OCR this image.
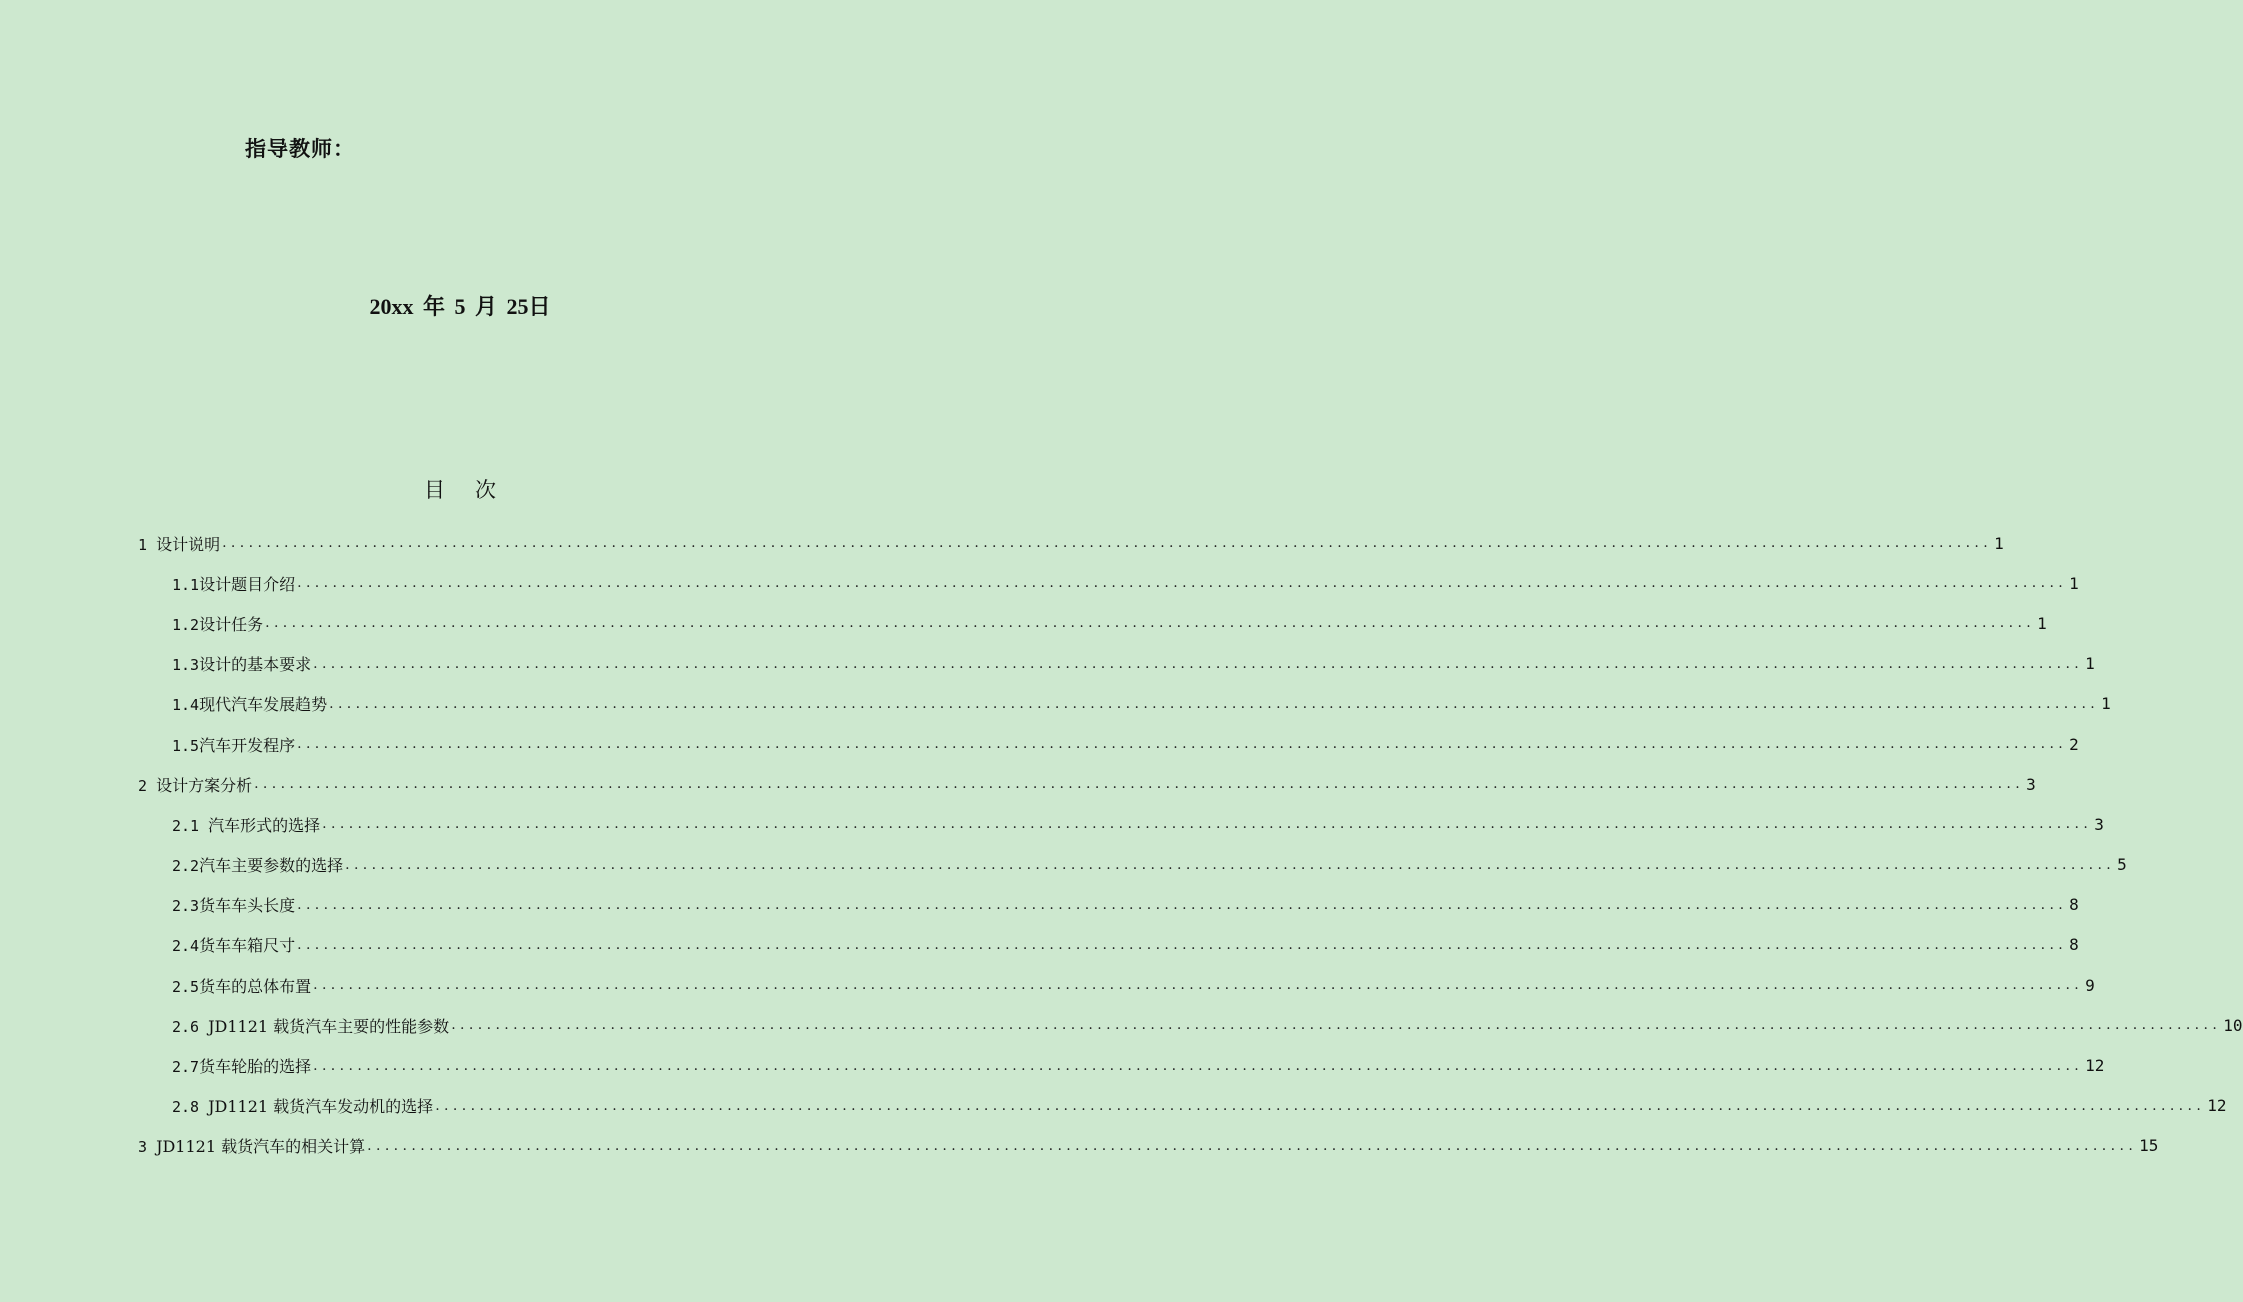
指导教师：
20xx 年 5 月 25日
目次
1 设计说明 ........................................................................................................................................................................................................ 1
1.1设计题目介绍 ........................................................................................................................................................................................................ 1
1.2设计任务 ........................................................................................................................................................................................................ 1
1.3设计的基本要求 ........................................................................................................................................................................................................ 1
1.4现代汽车发展趋势 ........................................................................................................................................................................................................ 1
1.5汽车开发程序 ........................................................................................................................................................................................................ 2
2 设计方案分析 ........................................................................................................................................................................................................ 3
2.1 汽车形式的选择 ........................................................................................................................................................................................................ 3
2.2汽车主要参数的选择 ........................................................................................................................................................................................................ 5
2.3货车车头长度 ........................................................................................................................................................................................................ 8
2.4货车车箱尺寸 ........................................................................................................................................................................................................ 8
2.5货车的总体布置 ........................................................................................................................................................................................................ 9
2.6 JD1121 载货汽车主要的性能参数 ........................................................................................................................................................................................................ 10
2.7货车轮胎的选择 ........................................................................................................................................................................................................ 12
2.8 JD1121 载货汽车发动机的选择 ........................................................................................................................................................................................................ 12
3 JD1121 载货汽车的相关计算 ........................................................................................................................................................................................................ 15
